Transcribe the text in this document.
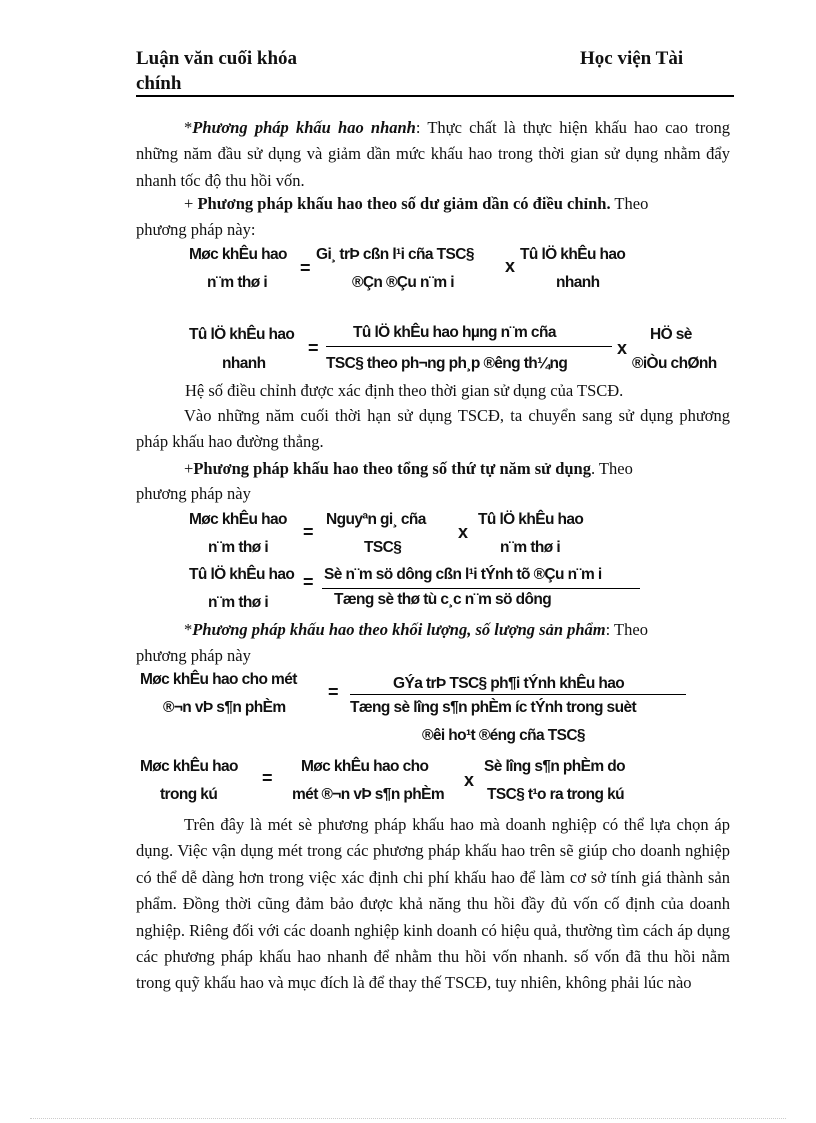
Luận văn cuối khóa
chính
Học viện Tài
*Phương pháp khấu hao nhanh: Thực chất là thực hiện khấu hao cao trong những năm đầu sử dụng và giảm dần mức khấu hao trong thời gian sử dụng nhằm đẩy nhanh tốc độ thu hồi vốn.
+ Phương pháp khấu hao theo số dư giảm dần có điều chỉnh. Theo
phương pháp này:
Møc khÊu hao
n¨m thø i
=
Gi¸ trÞ cßn l¹i cña TSC§
®Çn ®Çu n¨m i
x
Tû lÖ khÊu hao
nhanh
Tû lÖ khÊu hao
nhanh
=
Tû lÖ khÊu hao hµng n¨m cña
TSC§ theo ph¬ng ph¸p ®êng th¼ng
x
HÖ sè
®iÒu chØnh
Hệ số điều chỉnh được xác định theo thời gian sử dụng của TSCĐ.
Vào những năm cuối thời hạn sử dụng TSCĐ, ta chuyển sang sử dụng phương pháp khấu hao đường thẳng.
+Phương pháp khấu hao theo tổng số thứ tự năm sử dụng. Theo
phương pháp này
Møc khÊu hao
n¨m thø i
=
Nguyªn gi¸ cña
TSC§
x
Tû lÖ khÊu hao
n¨m thø i
Tû lÖ khÊu hao
n¨m thø i
= Sè n¨m sö dông cßn l¹i tÝnh tõ ®Çu n¨m i
Tæng sè thø tù c¸c n¨m sö dông
*Phương pháp khấu hao theo khối lượng, số lượng sản phẩm: Theo
phương pháp này
Møc khÊu hao cho mét
®¬n vÞ s¶n phÈm
=	GÝa trÞ TSC§ ph¶i tÝnh khÊu hao
Tæng sè lîng s¶n phÈm íc tÝnh trong suèt
®êi ho¹t ®éng cña TSC§
Møc khÊu hao
trong kú
=
Møc khÊu hao cho
mét ®¬n vÞ s¶n phÈm
x
Sè lîng s¶n phÈm do
TSC§ t¹o ra trong kú
Trên đây là mét sè phương pháp khấu hao mà doanh nghiệp có thể lựa chọn áp dụng. Việc vận dụng mét trong các phương pháp khấu hao trên sẽ giúp cho doanh nghiệp có thể dễ dàng hơn trong việc xác định chi phí khấu hao để làm cơ sở tính giá thành sản phẩm. Đồng thời cũng đảm bảo được khả năng thu hồi đầy đủ vốn cố định của doanh nghiệp. Riêng đối với các doanh nghiệp kinh doanh có hiệu quả, thường tìm cách áp dụng các phương pháp khấu hao nhanh để nhằm thu hồi vốn nhanh. số vốn đã thu hồi nằm trong quỹ khấu hao và mục đích là để thay thế TSCĐ, tuy nhiên, không phải lúc nào
